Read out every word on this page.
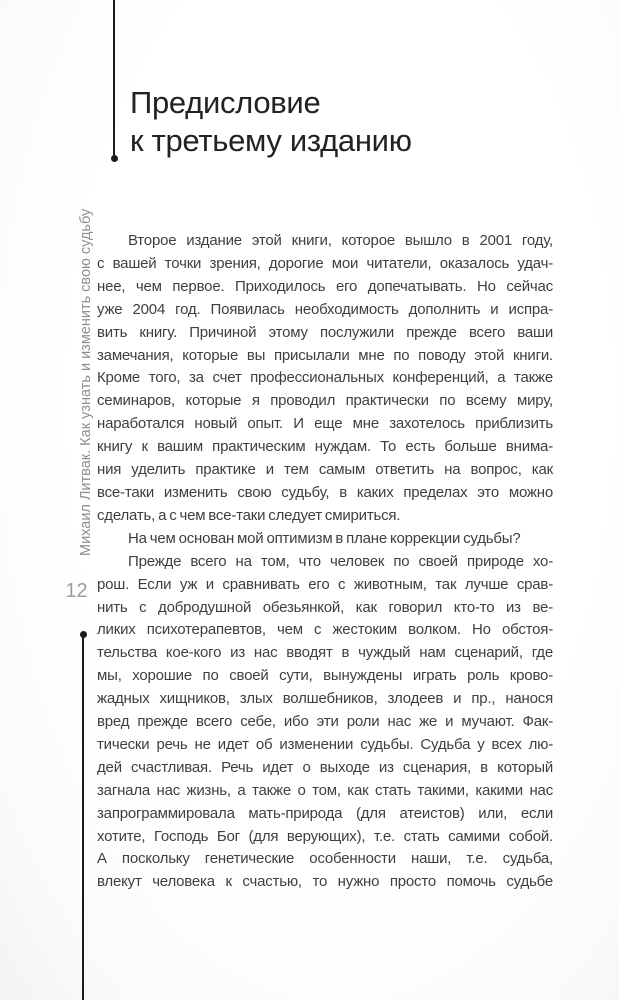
Предисловие
к третьему изданию
Михаил Литвак. Как узнать и изменить свою судьбу
12
Второе издание этой книги, которое вышло в 2001 году,
с вашей точки зрения, дорогие мои читатели, оказалось удач-
нее, чем первое. Приходилось его допечатывать. Но сейчас
уже 2004 год. Появилась необходимость дополнить и испра-
вить книгу. Причиной этому послужили прежде всего ваши
замечания, которые вы присылали мне по поводу этой книги.
Кроме того, за счет профессиональных конференций, а также
семинаров, которые я проводил практически по всему миру,
наработался новый опыт. И еще мне захотелось приблизить
книгу к вашим практическим нуждам. То есть больше внима-
ния уделить практике и тем самым ответить на вопрос, как
все-таки изменить свою судьбу, в каких пределах это можно
сделать, а с чем все-таки следует смириться.
На чем основан мой оптимизм в плане коррекции судьбы?
Прежде всего на том, что человек по своей природе хо-
рош. Если уж и сравнивать его с животным, так лучше срав-
нить с добродушной обезьянкой, как говорил кто-то из ве-
ликих психотерапевтов, чем с жестоким волком. Но обстоя-
тельства кое-кого из нас вводят в чуждый нам сценарий, где
мы, хорошие по своей сути, вынуждены играть роль крово-
жадных хищников, злых волшебников, злодеев и пр., нанося
вред прежде всего себе, ибо эти роли нас же и мучают. Фак-
тически речь не идет об изменении судьбы. Судьба у всех лю-
дей счастливая. Речь идет о выходе из сценария, в который
загнала нас жизнь, а также о том, как стать такими, какими нас
запрограммировала мать-природа (для атеистов) или, если
хотите, Господь Бог (для верующих), т.е. стать самими собой.
А поскольку генетические особенности наши, т.е. судьба,
влекут человека к счастью, то нужно просто помочь судьбе
